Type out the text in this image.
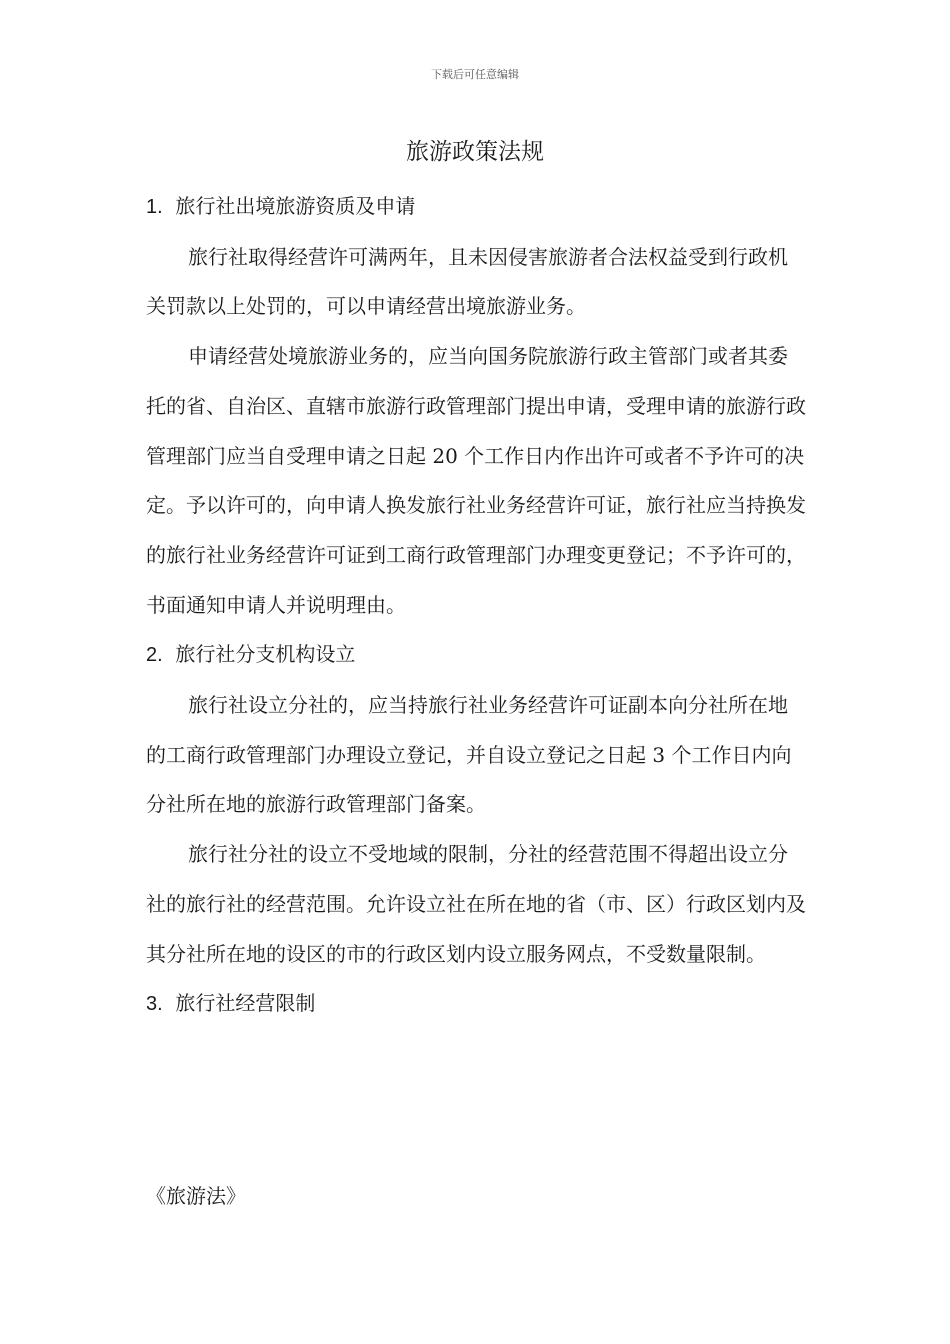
下载后可任意编辑
旅游政策法规

1. 旅行社出境旅游资质及申请

旅行社取得经营许可满两年，且未因侵害旅游者合法权益受到行政机关罚款以上处罚的，可以申请经营出境旅游业务。

申请经营处境旅游业务的，应当向国务院旅游行政主管部门或者其委托的省、自治区、直辖市旅游行政管理部门提出申请，受理申请的旅游行政管理部门应当自受理申请之日起 20 个工作日内作出许可或者不予许可的决定。予以许可的，向申请人换发旅行社业务经营许可证，旅行社应当持换发的旅行社业务经营许可证到工商行政管理部门办理变更登记；不予许可的，书面通知申请人并说明理由。

2. 旅行社分支机构设立

旅行社设立分社的，应当持旅行社业务经营许可证副本向分社所在地的工商行政管理部门办理设立登记，并自设立登记之日起 3 个工作日内向分社所在地的旅游行政管理部门备案。

旅行社分社的设立不受地域的限制，分社的经营范围不得超出设立分社的旅行社的经营范围。允许设立社在所在地的省（市、区）行政区划内及其分社所在地的设区的市的行政区划内设立服务网点，不受数量限制。

3. 旅行社经营限制

《旅游法》
